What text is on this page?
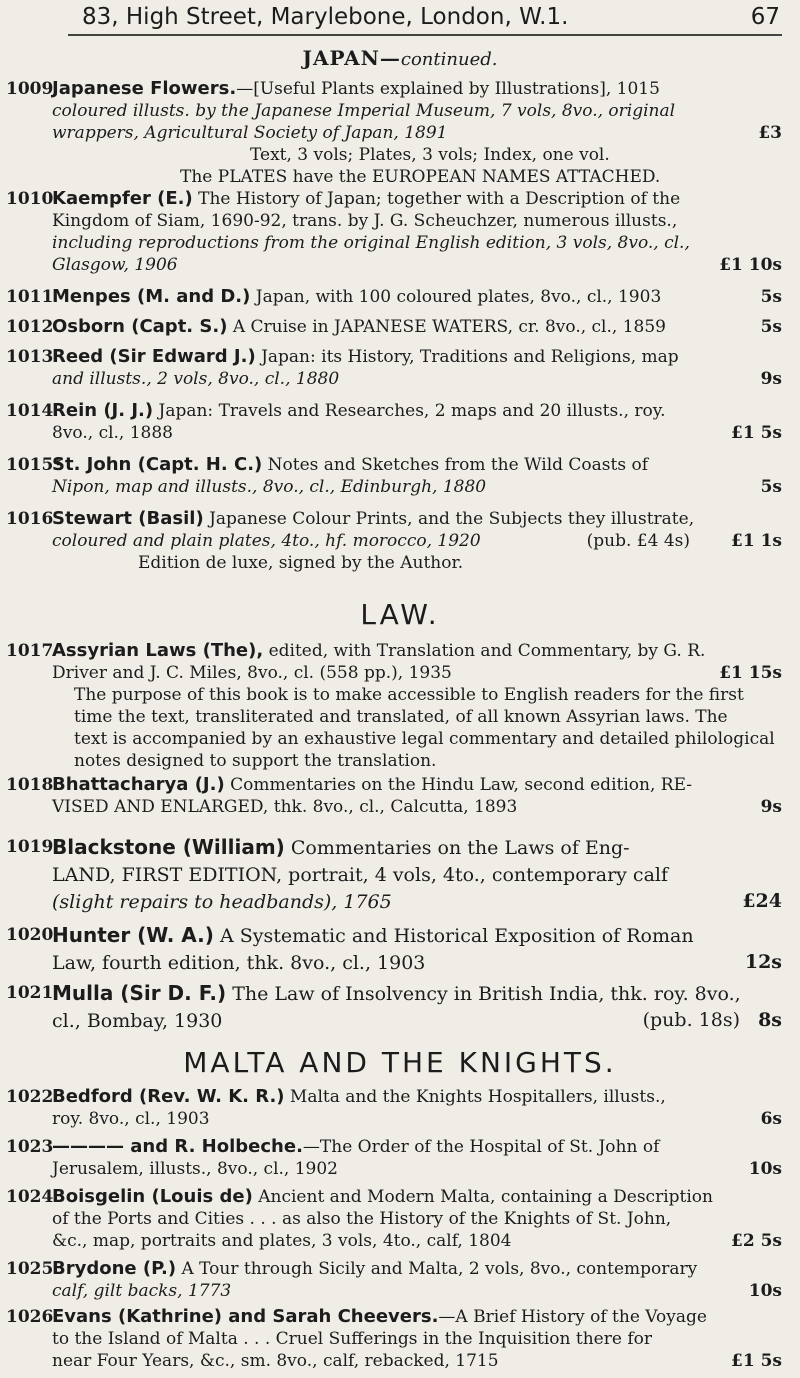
83, High Street, Marylebone, London, W.1.	67
JAPAN—continued.
1009
Japanese Flowers.—[Useful Plants explained by Illustrations], 1015
coloured illusts. by the Japanese Imperial Museum, 7 vols, 8vo., original
wrappers, Agricultural Society of Japan, 1891	£3
Text, 3 vols; Plates, 3 vols; Index, one vol.
The PLATES have the EUROPEAN NAMES ATTACHED.
1010
Kaempfer (E.) The History of Japan; together with a Description of the
Kingdom of Siam, 1690-92, trans. by J. G. Scheuchzer, numerous illusts.,
including reproductions from the original English edition, 3 vols, 8vo., cl.,
Glasgow, 1906	£1 10s
1011
Menpes (M. and D.) Japan, with 100 coloured plates, 8vo., cl., 1903	5s
1012
Osborn (Capt. S.) A Cruise in JAPANESE WATERS, cr. 8vo., cl., 1859	5s
1013
Reed (Sir Edward J.) Japan: its History, Traditions and Religions, map
and illusts., 2 vols, 8vo., cl., 1880	9s
1014
Rein (J. J.) Japan: Travels and Researches, 2 maps and 20 illusts., roy.
8vo., cl., 1888	£1 5s
1015*
St. John (Capt. H. C.) Notes and Sketches from the Wild Coasts of
Nipon, map and illusts., 8vo., cl., Edinburgh, 1880	5s
1016
Stewart (Basil) Japanese Colour Prints, and the Subjects they illustrate,
coloured and plain plates, 4to., hf. morocco, 1920	(pub. £4 4s) £1 1s
Edition de luxe, signed by the Author.
LAW.
1017
Assyrian Laws (The), edited, with Translation and Commentary, by G. R.
Driver and J. C. Miles, 8vo., cl. (558 pp.), 1935	£1 15s
The purpose of this book is to make accessible to English readers for the first
time the text, transliterated and translated, of all known Assyrian laws. The
text is accompanied by an exhaustive legal commentary and detailed philological
notes designed to support the translation.
1018
Bhattacharya (J.) Commentaries on the Hindu Law, second edition, RE-
VISED AND ENLARGED, thk. 8vo., cl., Calcutta, 1893	9s
1019
Blackstone (William) Commentaries on the Laws of Eng-
LAND, FIRST EDITION, portrait, 4 vols, 4to., contemporary calf
(slight repairs to headbands), 1765	£24
1020
Hunter (W. A.) A Systematic and Historical Exposition of Roman
Law, fourth edition, thk. 8vo., cl., 1903	12s
1021
Mulla (Sir D. F.) The Law of Insolvency in British India, thk. roy. 8vo.,
cl., Bombay, 1930	(pub. 18s) 8s
MALTA AND THE KNIGHTS.
1022
Bedford (Rev. W. K. R.) Malta and the Knights Hospitallers, illusts.,
roy. 8vo., cl., 1903	6s
1023
———— and R. Holbeche.—The Order of the Hospital of St. John of
Jerusalem, illusts., 8vo., cl., 1902	10s
1024
Boisgelin (Louis de) Ancient and Modern Malta, containing a Description
of the Ports and Cities . . . as also the History of the Knights of St. John,
&c., map, portraits and plates, 3 vols, 4to., calf, 1804	£2 5s
1025
Brydone (P.) A Tour through Sicily and Malta, 2 vols, 8vo., contemporary
calf, gilt backs, 1773	10s
1026
Evans (Kathrine) and Sarah Cheevers.—A Brief History of the Voyage
to the Island of Malta . . . Cruel Sufferings in the Inquisition there for
near Four Years, &c., sm. 8vo., calf, rebacked, 1715	£1 5s
